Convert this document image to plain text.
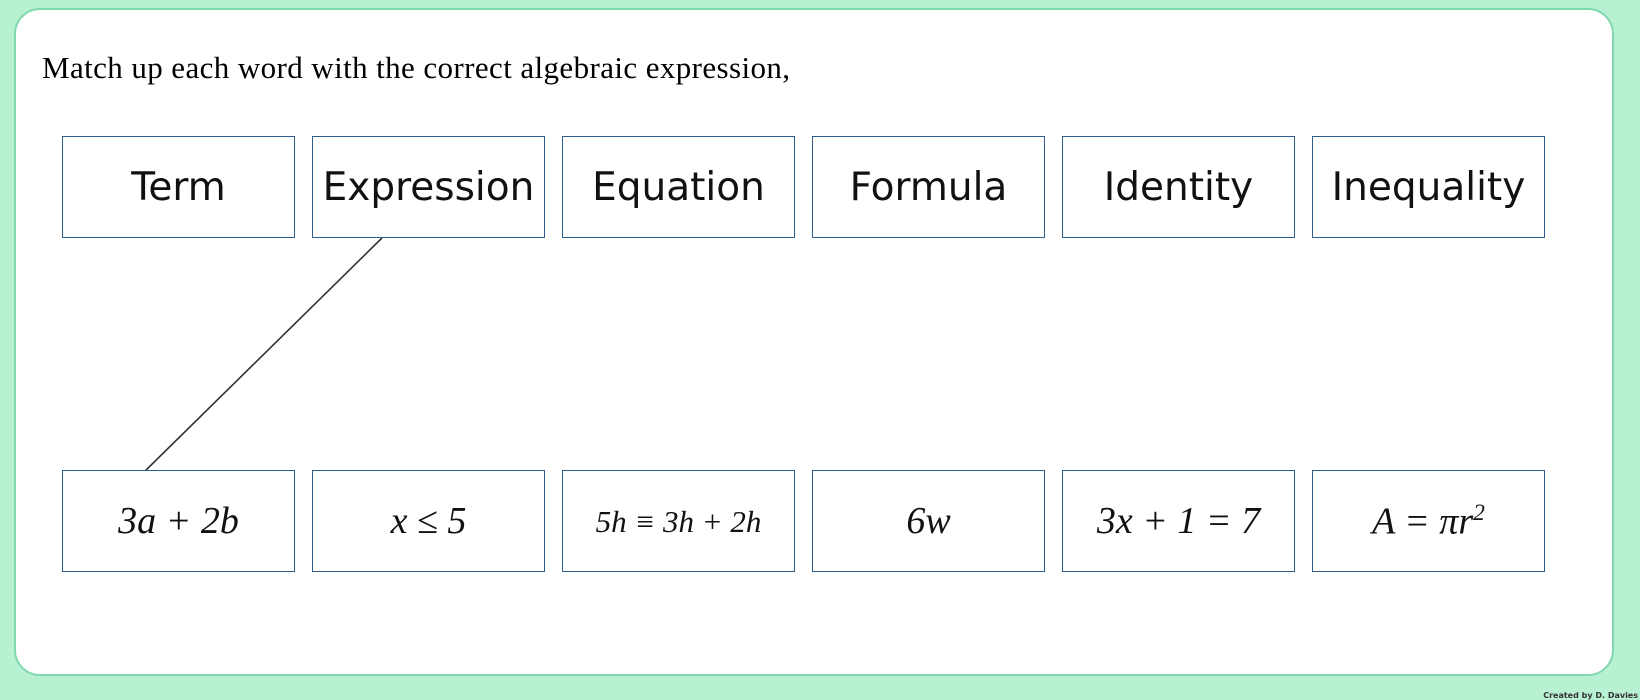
Match up each word with the correct algebraic expression,
Term Expression Equation Formula Identity Inequality
3a + 2b	x ≤ 5	5h ≡ 3h + 2h	6w	3x + 1 = 7	$A = \pi r^2$
Created by D. Davies
